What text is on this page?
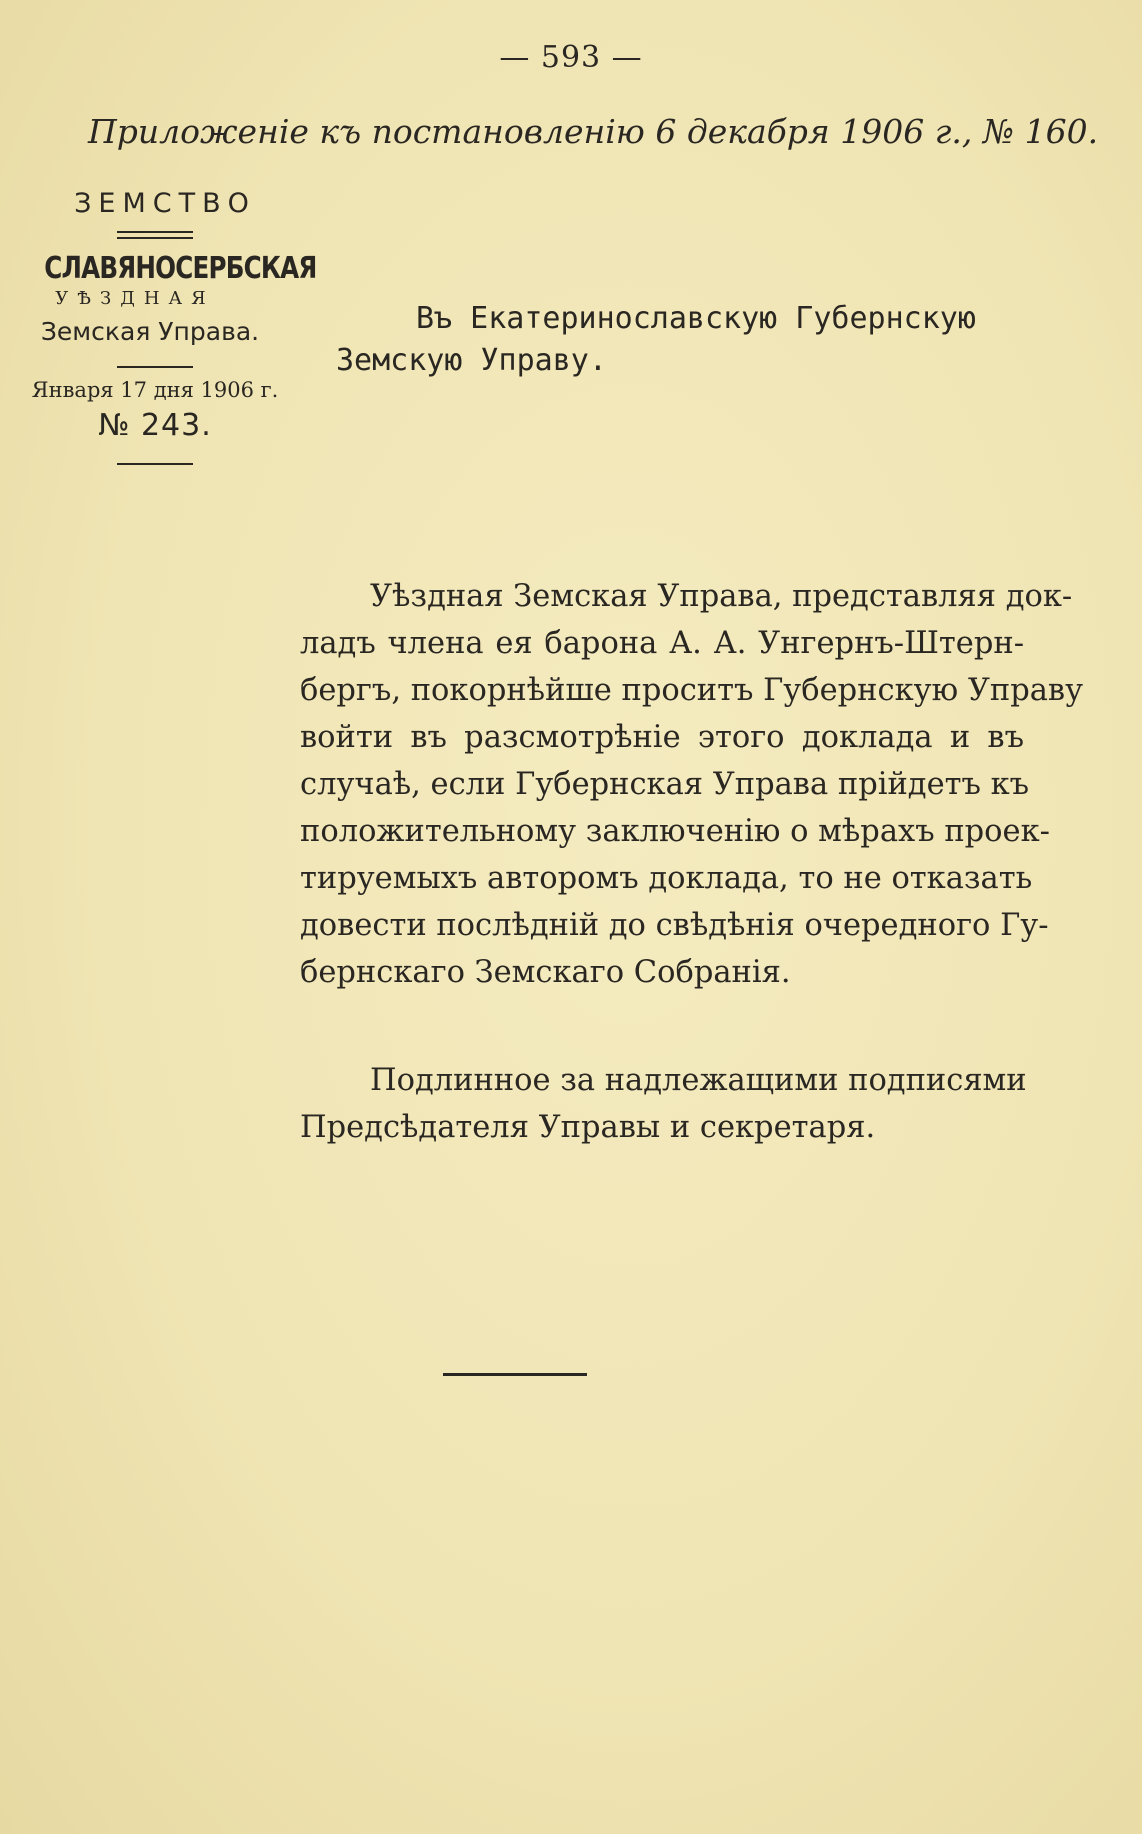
— 593 —
Приложеніе къ постановленію 6 декабря 1906 г., № 160.
ЗЕМСТВО
СЛАВЯНОСЕРБСКАЯ
УѢЗДНАЯ
Земская Управа.
Января 17 дня 1906 г.
№ 243.
Въ Екатеринославскую Губернскую
Земскую Управу.
Уѣздная Земская Управа, представляя док-
ладъ члена ея барона А. А. Унгернъ-Штерн-
бергъ, покорнѣйше проситъ Губернскую Управу
войти въ разсмотрѣніе этого доклада и въ
случаѣ, если Губернская Управа прійдетъ къ
положительному заключенію о мѣрахъ проек-
тируемыхъ авторомъ доклада, то не отказать
довести послѣдній до свѣдѣнія очередного Гу-
бернскаго Земскаго Собранія.
Подлинное за надлежащими подписями
Предсѣдателя Управы и секретаря.
